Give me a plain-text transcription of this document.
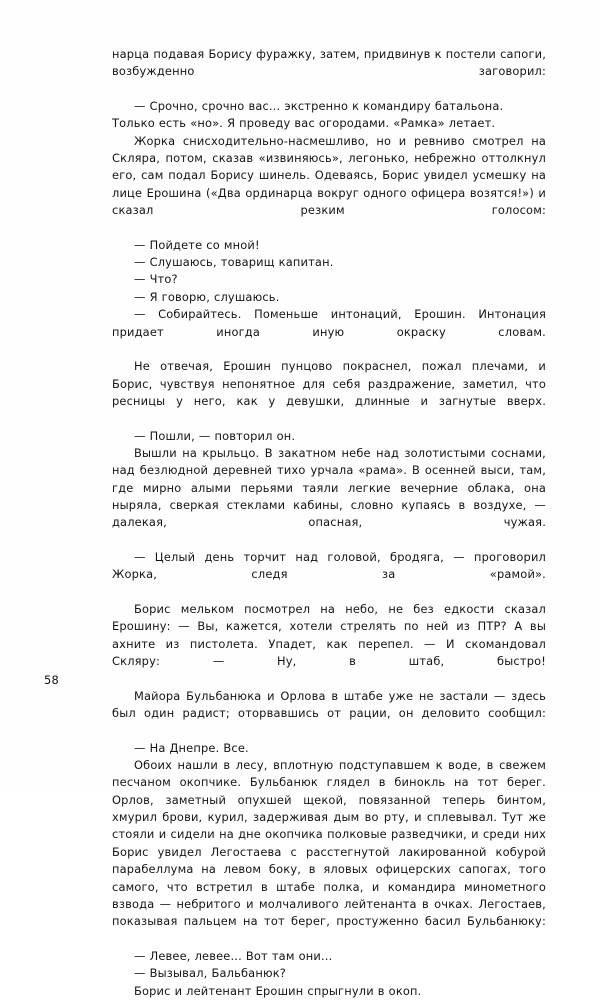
нарца подавая Борису фуражку, затем, придвинув к постели сапоги, возбужденно заговорил:

— Срочно, срочно вас... экстренно к командиру батальона. Только есть «но». Я проведу вас огородами. «Рамка» летает.

Жорка снисходительно-насмешливо, но и ревниво смотрел на Скляра, потом, сказав «извиняюсь», легонько, небрежно оттолкнул его, сам подал Борису шинель. Одеваясь, Борис увидел усмешку на лице Ерошина («Два ординарца вокруг одного офицера возятся!») и сказал резким голосом:

— Пойдете со мной!

— Слушаюсь, товарищ капитан.

— Что?

— Я говорю, слушаюсь.

— Собирайтесь. Поменьше интонаций, Ерошин. Интонация придает иногда иную окраску словам.

Не отвечая, Ерошин пунцово покраснел, пожал плечами, и Борис, чувствуя непонятное для себя раздражение, заметил, что ресницы у него, как у девушки, длинные и загнутые вверх.

— Пошли, — повторил он.

Вышли на крыльцо. В закатном небе над золотистыми соснами, над безлюдной деревней тихо урчала «рама». В осенней выси, там, где мирно алыми перьями таяли легкие вечерние облака, она ныряла, сверкая стеклами кабины, словно купаясь в воздухе, — далекая, опасная, чужая.

— Целый день торчит над головой, бродяга, — проговорил Жорка, следя за «рамой».

Борис мельком посмотрел на небо, не без едкости сказал Ерошину: — Вы, кажется, хотели стрелять по ней из ПТР? А вы ахните из пистолета. Упадет, как перепел. — И скомандовал Скляру: — Ну, в штаб, быстро!

Майора Бульбанюка и Орлова в штабе уже не застали — здесь был один радист; оторвавшись от рации, он деловито сообщил:

— На Днепре. Все.

Обоих нашли в лесу, вплотную подступавшем к воде, в свежем песчаном окопчике. Бульбанюк глядел в бинокль на тот берег. Орлов, заметный опухшей щекой, повязанной теперь бинтом, хмурил брови, курил, задерживая дым во рту, и сплевывал. Тут же стояли и сидели на дне окопчика полковые разведчики, и среди них Борис увидел Легостаева с расстегнутой лакированной кобурой парабеллума на левом боку, в яловых офицерских сапогах, того самого, что встретил в штабе полка, и командира минометного взвода — небритого и молчаливого лейтенанта в очках. Легостаев, показывая пальцем на тот берег, простуженно басил Бульбанюку:

— Левее, левее... Вот там они...

— Вызывал, Бальбанюк?

Борис и лейтенант Ерошин спрыгнули в окоп.

58
